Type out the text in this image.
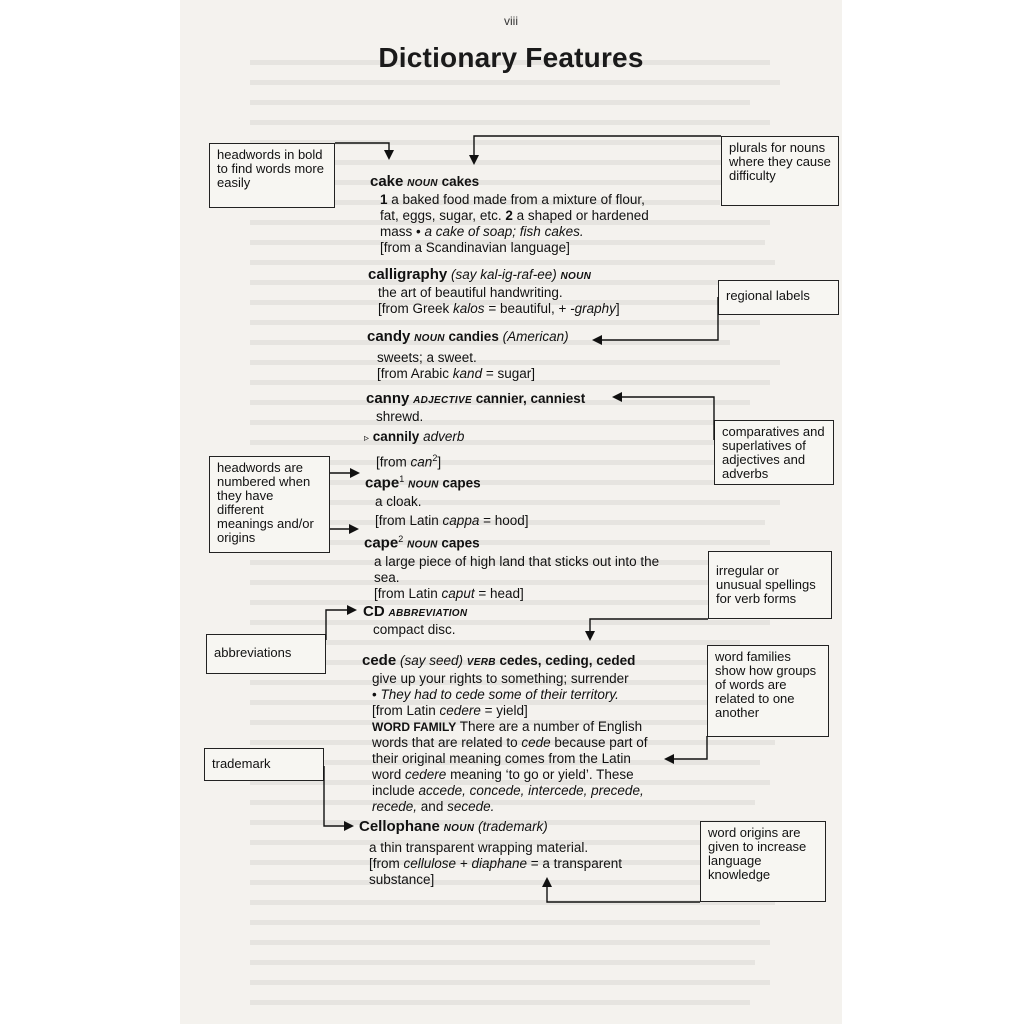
viii
Dictionary Features
headwords in bold to find words more easily
plurals for nouns where they cause difficulty
regional labels
comparatives and superlatives of adjectives and adverbs
headwords are numbered when they have different meanings and/or origins
irregular or unusual spellings for verb forms
abbreviations	word families show how groups of words are related to one another
trademark
word origins are given to increase language knowledge
cake NOUN cakes
1 a baked food made from a mixture of flour,
fat, eggs, sugar, etc. 2 a shaped or hardened
mass • a cake of soap; fish cakes.
[from a Scandinavian language]
calligraphy (say kal-ig-raf-ee) NOUN
the art of beautiful handwriting.
[from Greek kalos = beautiful, + -graphy]
candy NOUN candies (American)
sweets; a sweet.
[from Arabic kand = sugar]
canny ADJECTIVE cannier, canniest
shrewd.
▹ cannily adverb
[from can$^2$]
cape$^1$ NOUN capes
a cloak.
[from Latin cappa = hood]
cape$^2$ NOUN capes
a large piece of high land that sticks out into the
sea.
[from Latin caput = head]
CD ABBREVIATION
compact disc.
cede (say seed) VERB cedes, ceding, ceded
give up your rights to something; surrender
• They had to cede some of their territory.
[from Latin cedere = yield]
WORD FAMILY There are a number of English
words that are related to cede because part of
their original meaning comes from the Latin
word cedere meaning ‘to go or yield’. These
include accede, concede, intercede, precede,
recede, and secede.
Cellophane NOUN (trademark)
a thin transparent wrapping material.
[from cellulose + diaphane = a transparent
substance]
